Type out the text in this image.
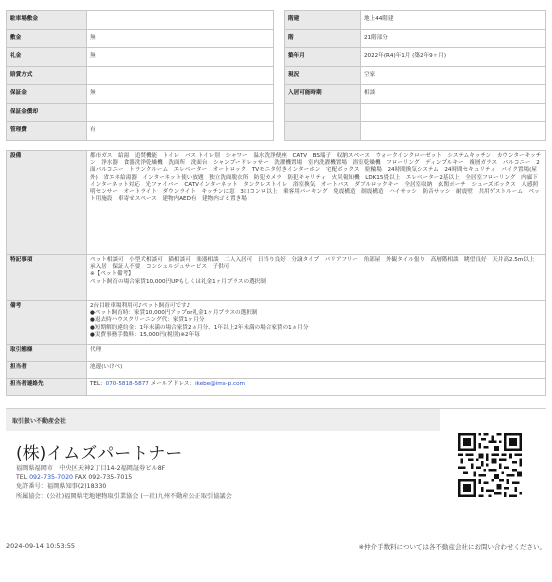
駐車場敷金	
敷金	無
礼金	無
賠賃方式	
保証金	無
保証金償却	
管理費	有
階建	地上44階建
階	21階部分
築年月	2022年(R4)年1月 (築2年9ヶ月)
現況	空家
入居可能時期	相談

設備	都市ガス　給湯　追焚機能　トイレ　バス トイレ別　シャワー　温水洗浄便座　CATV　BS端子　収納スペース　ウォークインクローゼット　システムキッチン　カウンターキッチン　浄水器　食器洗浄乾燥機　洗面所　洗面台　シャンプードレッサー　洗濯機置場　室内洗濯機置場　浴室乾燥機　フローリング　ディンプルキー　複層ガラス　バルコニー　2面バルコニー　トランクルーム　エレベーター　オートロック　TVモニタ付きインターホン　宅配ボックス　駐輪場　24時間換気システム　24時間セキュリティ　バイク置場(屋外)　省エネ給湯器　インターネット使い放題　独立洗面脱衣所　防犯カメラ　防犯キャリティ　火災報知機　LDK15畳以上　エレベーター2基以上　全居室フローリング　内廊下　インターネット対応　光ファイバー　CATVインターネット　タンクレストイレ　浴室換気　オートバス　ダブルロックキー　全居室収納　玄関ポーチ　シューズボックス　人感照明センサー　オートライト　ダウンライト　キッチンに窓　3口コンロ以上　乗客用パーキング　免震構造　制震構造　ハイサッシ　防音サッシ　耐震壁　共用ゲストルーム　ペット用施設　車寄せスペース　建物内AED有　建物内ゴミ置き場
特記事項	ペット相談可　小型犬相談可　猫相談可　楽器相談　二人入居可　日当り良好　分譲タイプ　バリアフリー　角部屋　外観タイル張り　高層階相談　眺望良好　天井高2.5m以上　承入居　保証人不要　コンシェルジュサービス　子供可
※【ペット備考】
ペット飼育の場合家賃10,000円UPもしくは礼金1ヶ月プラスの選択制

備考	2台目駐車場利用可♪ペット飼育可です♪
●ペット飼育時：家賃10,000円アップor礼金1ヶ月プラスの選択制
●退去時ハウスクリーニング代：家賃1ヶ月分
●短期解約違約金：1年未満の場合家賃2ヵ月分、1年以上2年未満の場合家賃の1ヵ月分
●実費事務手数料：15,000円(税別)※2年毎

取引態様	代理
担当者	池邊(いけべ)
担当者連絡先	TEL：070-5818-5877 メールアドレス：ikebe@ims-p.com
取引扱い不動産会社
(株)イムズパートナー
福岡県福岡市　中央区天神2丁目14-2福岡証券ビル8F
TEL 092-735-7020 FAX 092-735-7015
免許番号：福岡県知事(2)18330
所属協会：(公社)福岡県宅地建物取引業協会 (一社)九州不動産公正取引協議会
2024-09-14 10:53:55	※仲介手数料については各不動産会社にお問い合わせください。
